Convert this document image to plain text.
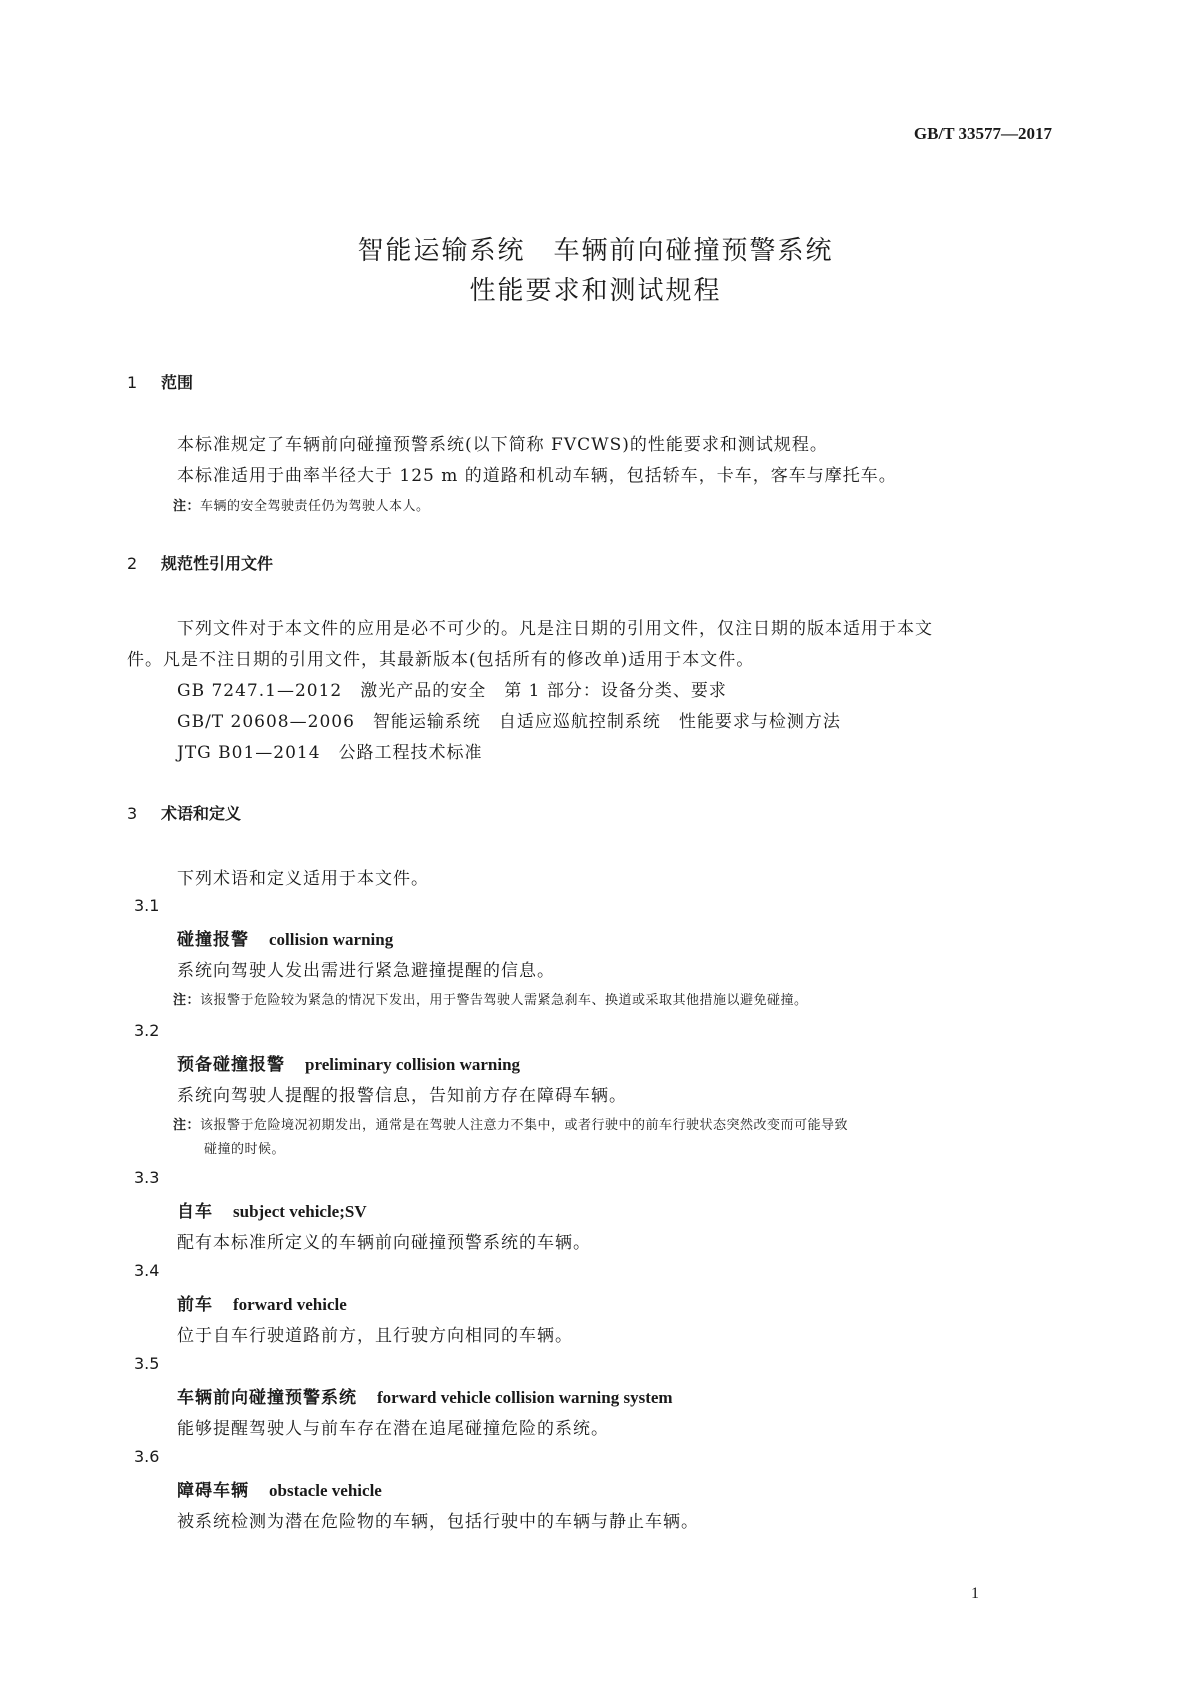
GB/T 33577—2017
智能运输系统　车辆前向碰撞预警系统
性能要求和测试规程
1 范围
本标准规定了车辆前向碰撞预警系统(以下简称 FVCWS)的性能要求和测试规程。
本标准适用于曲率半径大于 125 m 的道路和机动车辆，包括轿车，卡车，客车与摩托车。
注：车辆的安全驾驶责任仍为驾驶人本人。
2 规范性引用文件
下列文件对于本文件的应用是必不可少的。凡是注日期的引用文件，仅注日期的版本适用于本文
件。凡是不注日期的引用文件，其最新版本(包括所有的修改单)适用于本文件。
GB 7247.1—2012　激光产品的安全　第 1 部分：设备分类、要求
GB/T 20608—2006　智能运输系统　自适应巡航控制系统　性能要求与检测方法
JTG B01—2014　公路工程技术标准
3 术语和定义
下列术语和定义适用于本文件。
3.1
碰撞报警 collision warning
系统向驾驶人发出需进行紧急避撞提醒的信息。
注：该报警于危险较为紧急的情况下发出，用于警告驾驶人需紧急刹车、换道或采取其他措施以避免碰撞。
3.2
预备碰撞报警 preliminary collision warning
系统向驾驶人提醒的报警信息，告知前方存在障碍车辆。
注：该报警于危险境况初期发出，通常是在驾驶人注意力不集中，或者行驶中的前车行驶状态突然改变而可能导致
碰撞的时候。
3.3
自车 subject vehicle;SV
配有本标准所定义的车辆前向碰撞预警系统的车辆。
3.4
前车 forward vehicle
位于自车行驶道路前方，且行驶方向相同的车辆。
3.5
车辆前向碰撞预警系统 forward vehicle collision warning system
能够提醒驾驶人与前车存在潜在追尾碰撞危险的系统。
3.6
障碍车辆 obstacle vehicle
被系统检测为潜在危险物的车辆，包括行驶中的车辆与静止车辆。
1
